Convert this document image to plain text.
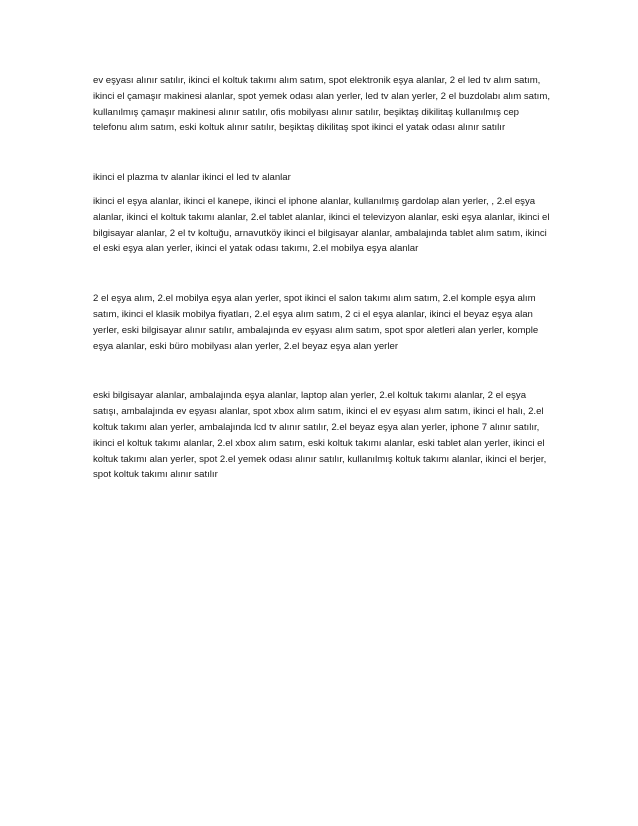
ev eşyası alınır satılır, ikinci el koltuk takımı alım satım, spot elektronik eşya alanlar, 2 el led tv alım satım, ikinci el çamaşır makinesi alanlar, spot yemek odası alan yerler, led tv alan yerler, 2 el buzdolabı alım satım, kullanılmış çamaşır makinesi alınır satılır, ofis mobilyası alınır satılır, beşiktaş dikilitaş kullanılmış cep telefonu alım satım, eski koltuk alınır satılır, beşiktaş dikilitaş spot ikinci el yatak odası alınır satılır

ikinci el plazma tv alanlar ikinci el led tv alanlar

ikinci el eşya alanlar, ikinci el kanepe, ikinci el iphone alanlar, kullanılmış gardolap alan yerler, , 2.el eşya alanlar, ikinci el koltuk takımı alanlar, 2.el tablet alanlar, ikinci el televizyon alanlar, eski eşya alanlar, ikinci el bilgisayar alanlar, 2 el tv koltuğu, arnavutköy ikinci el bilgisayar alanlar, ambalajında tablet alım satım, ikinci el eski eşya alan yerler, ikinci el yatak odası takımı, 2.el mobilya eşya alanlar

2 el eşya alım, 2.el mobilya eşya alan yerler, spot ikinci el salon takımı alım satım, 2.el komple eşya alım satım, ikinci el klasik mobilya fiyatları, 2.el eşya alım satım, 2 ci el eşya alanlar, ikinci el beyaz eşya alan yerler, eski bilgisayar alınır satılır, ambalajında ev eşyası alım satım, spot spor aletleri alan yerler, komple eşya alanlar, eski büro mobilyası alan yerler, 2.el beyaz eşya alan yerler

eski bilgisayar alanlar, ambalajında eşya alanlar, laptop alan yerler, 2.el koltuk takımı alanlar, 2 el eşya satışı, ambalajında ev eşyası alanlar, spot xbox alım satım, ikinci el ev eşyası alım satım, ikinci el halı, 2.el koltuk takımı alan yerler, ambalajında lcd tv alınır satılır, 2.el beyaz eşya alan yerler, iphone 7 alınır satılır, ikinci el koltuk takımı alanlar, 2.el xbox alım satım, eski koltuk takımı alanlar, eski tablet alan yerler, ikinci el koltuk takımı alan yerler, spot 2.el yemek odası alınır satılır, kullanılmış koltuk takımı alanlar, ikinci el berjer, spot koltuk takımı alınır satılır
